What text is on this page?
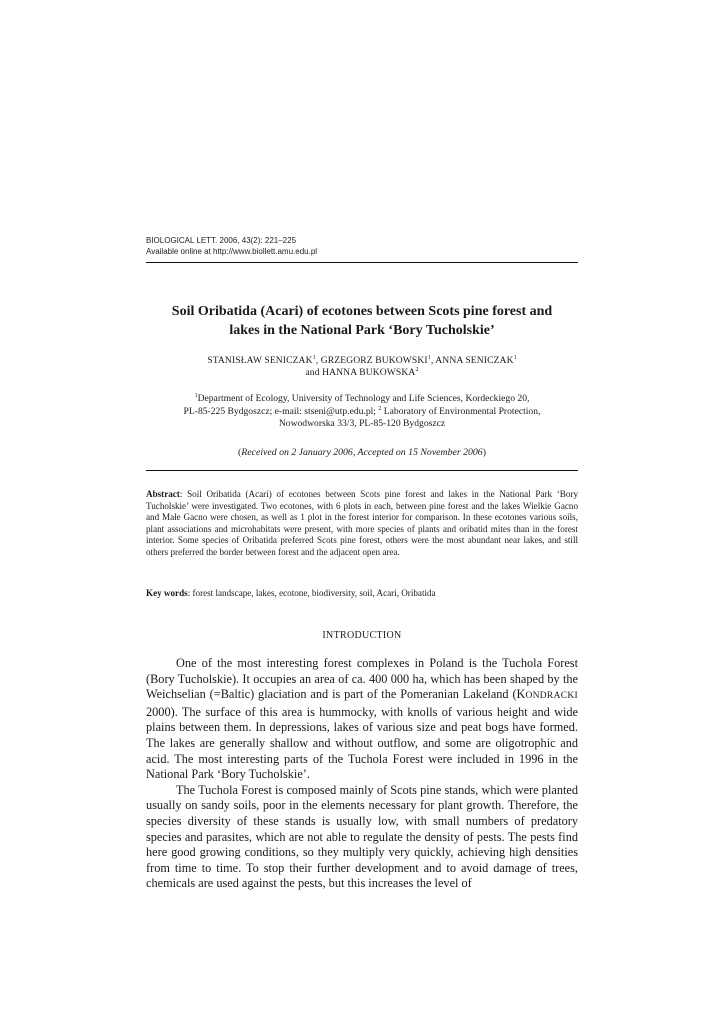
BIOLOGICAL LETT. 2006, 43(2): 221–225
Available online at http://www.biollett.amu.edu.pl
Soil Oribatida (Acari) of ecotones between Scots pine forest and
lakes in the National Park ‘Bory Tucholskie’
STANISŁAW SENICZAK$^1$, GRZEGORZ BUKOWSKI$^1$, ANNA SENICZAK$^1$
and HANNA BUKOWSKA$^2$
$^1$Department of Ecology, University of Technology and Life Sciences, Kordeckiego 20,
PL-85-225 Bydgoszcz; e-mail: stseni@utp.edu.pl; $^2$ Laboratory of Environmental Protection,
Nowodworska 33/3, PL-85-120 Bydgoszcz
(Received on 2 January 2006, Accepted on 15 November 2006)
Abstract: Soil Oribatida (Acari) of ecotones between Scots pine forest and lakes in the National Park ‘Bory Tucholskie’ were investigated. Two ecotones, with 6 plots in each, between pine forest and the lakes Wielkie Gacno and Małe Gacno were chosen, as well as 1 plot in the forest interior for comparison. In these ecotones various soils, plant associations and microhabitats were present, with more species of plants and oribatid mites than in the forest interior. Some species of Oribatida preferred Scots pine forest, others were the most abundant near lakes, and still others preferred the border between forest and the adjacent open area.
Key words: forest landscape, lakes, ecotone, biodiversity, soil, Acari, Oribatida
INTRODUCTION

One of the most interesting forest complexes in Poland is the Tuchola Forest (Bory Tucholskie). It occupies an area of ca. 400 000 ha, which has been shaped by the Weichselian (=Baltic) glaciation and is part of the Pomeranian Lakeland (KONDRACKI 2000). The surface of this area is hummocky, with knolls of various height and wide plains between them. In depressions, lakes of various size and peat bogs have formed. The lakes are generally shallow and without outflow, and some are oligotrophic and acid. The most interesting parts of the Tuchola Forest were included in 1996 in the National Park ‘Bory Tucholskie’.

The Tuchola Forest is composed mainly of Scots pine stands, which were planted usually on sandy soils, poor in the elements necessary for plant growth. Therefore, the species diversity of these stands is usually low, with small numbers of predatory species and parasites, which are not able to regulate the density of pests. The pests find here good growing conditions, so they multiply very quickly, achieving high densities from time to time. To stop their further development and to avoid damage of trees, chemicals are used against the pests, but this increases the level of
